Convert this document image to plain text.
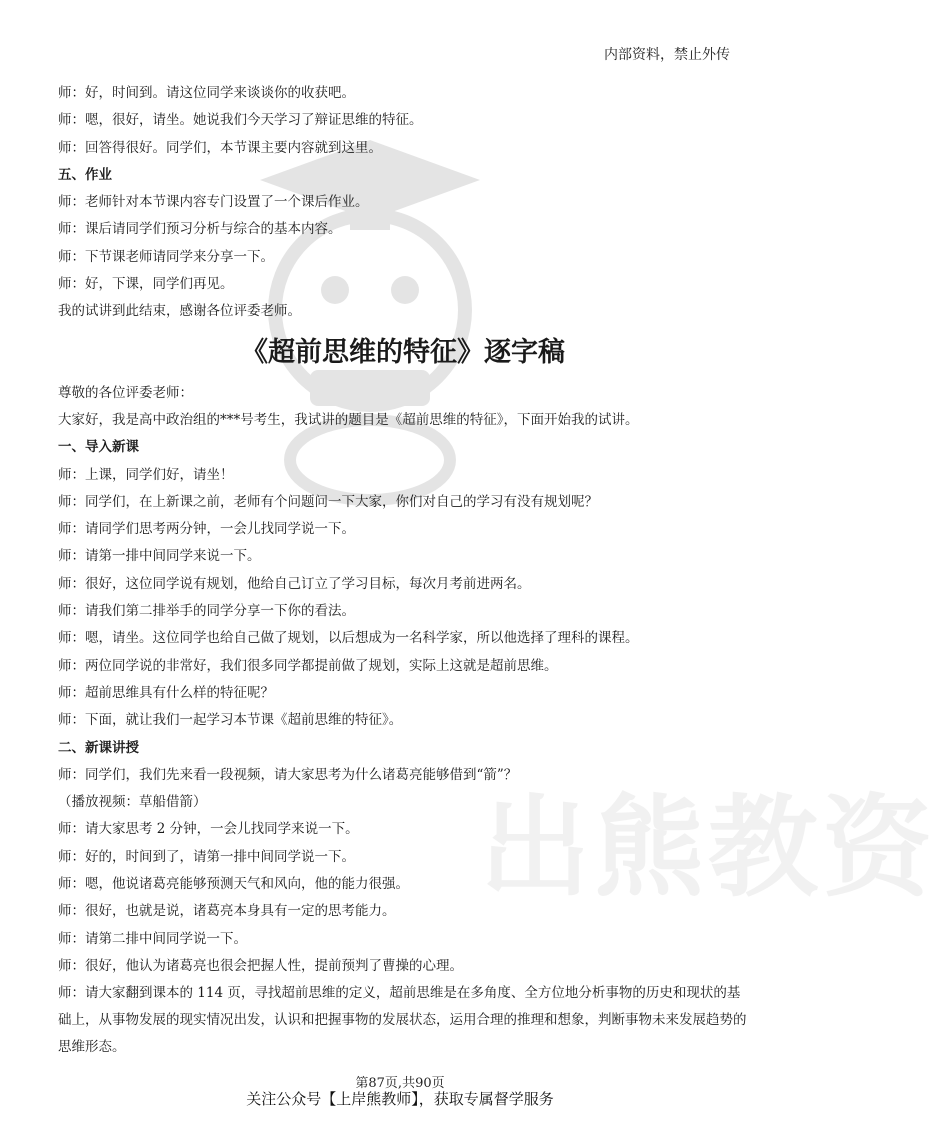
出熊教资
内部资料，禁止外传
师：好，时间到。请这位同学来谈谈你的收获吧。
师：嗯，很好，请坐。她说我们今天学习了辩证思维的特征。
师：回答得很好。同学们，本节课主要内容就到这里。
五、作业
师：老师针对本节课内容专门设置了一个课后作业。
师：课后请同学们预习分析与综合的基本内容。
师：下节课老师请同学来分享一下。
师：好，下课，同学们再见。
我的试讲到此结束，感谢各位评委老师。
《超前思维的特征》逐字稿
尊敬的各位评委老师：
大家好，我是高中政治组的***号考生，我试讲的题目是《超前思维的特征》，下面开始我的试讲。
一、导入新课
师：上课，同学们好，请坐！
师：同学们，在上新课之前，老师有个问题问一下大家，你们对自己的学习有没有规划呢？
师：请同学们思考两分钟，一会儿找同学说一下。
师：请第一排中间同学来说一下。
师：很好，这位同学说有规划，他给自己订立了学习目标，每次月考前进两名。
师：请我们第二排举手的同学分享一下你的看法。
师：嗯，请坐。这位同学也给自己做了规划，以后想成为一名科学家，所以他选择了理科的课程。
师：两位同学说的非常好，我们很多同学都提前做了规划，实际上这就是超前思维。
师：超前思维具有什么样的特征呢？
师：下面，就让我们一起学习本节课《超前思维的特征》。
二、新课讲授
师：同学们，我们先来看一段视频，请大家思考为什么诸葛亮能够借到“箭”？
（播放视频：草船借箭）
师：请大家思考 2 分钟，一会儿找同学来说一下。
师：好的，时间到了，请第一排中间同学说一下。
师：嗯，他说诸葛亮能够预测天气和风向，他的能力很强。
师：很好，也就是说，诸葛亮本身具有一定的思考能力。
师：请第二排中间同学说一下。
师：很好，他认为诸葛亮也很会把握人性，提前预判了曹操的心理。
师：请大家翻到课本的 114 页，寻找超前思维的定义，超前思维是在多角度、全方位地分析事物的历史和现状的基础上，从事物发展的现实情况出发，认识和把握事物的发展状态，运用合理的推理和想象，判断事物未来发展趋势的思维形态。
第87页,共90页
关注公众号【上岸熊教师】，获取专属督学服务
